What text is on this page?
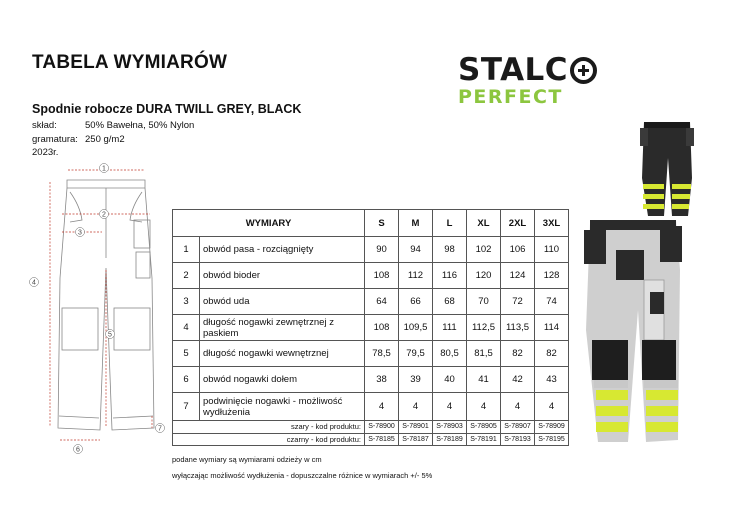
TABELA WYMIARÓW	STALC
PERFECT
Spodnie robocze DURA TWILL GREY, BLACK
skład:	50% Bawełna, 50% Nylon
gramatura: 250 g/m2
2023r.
1
2
3
4
5
6
7
WYMIARY		S	M	L	XL	2XL	3XL
1	obwód pasa - rozciągnięty	90	94	98	102	106	110
2	obwód bioder	108	112	116	120	124	128
3	obwód uda	64	66	68	70	72	74
4	długość nogawki zewnętrznej z paskiem	108	109,5	111	112,5	113,5	114
5	długość nogawki wewnętrznej	78,5	79,5	80,5	81,5	82	82
6	obwód nogawki dołem	38	39	40	41	42	43
7	podwinięcie nogawki - możliwość wydłużenia	4	4	4	4	4	4
szary - kod produktu:		S-78900	S-78901	S-78903	S-78905	S-78907	S-78909
czarny - kod produktu:		S-78185	S-78187	S-78189	S-78191	S-78193	S-78195
podane wymiary są wymiarami odzieży w cm
wyłączając możliwość wydłużenia - dopuszczalne różnice w wymiarach +/- 5%
